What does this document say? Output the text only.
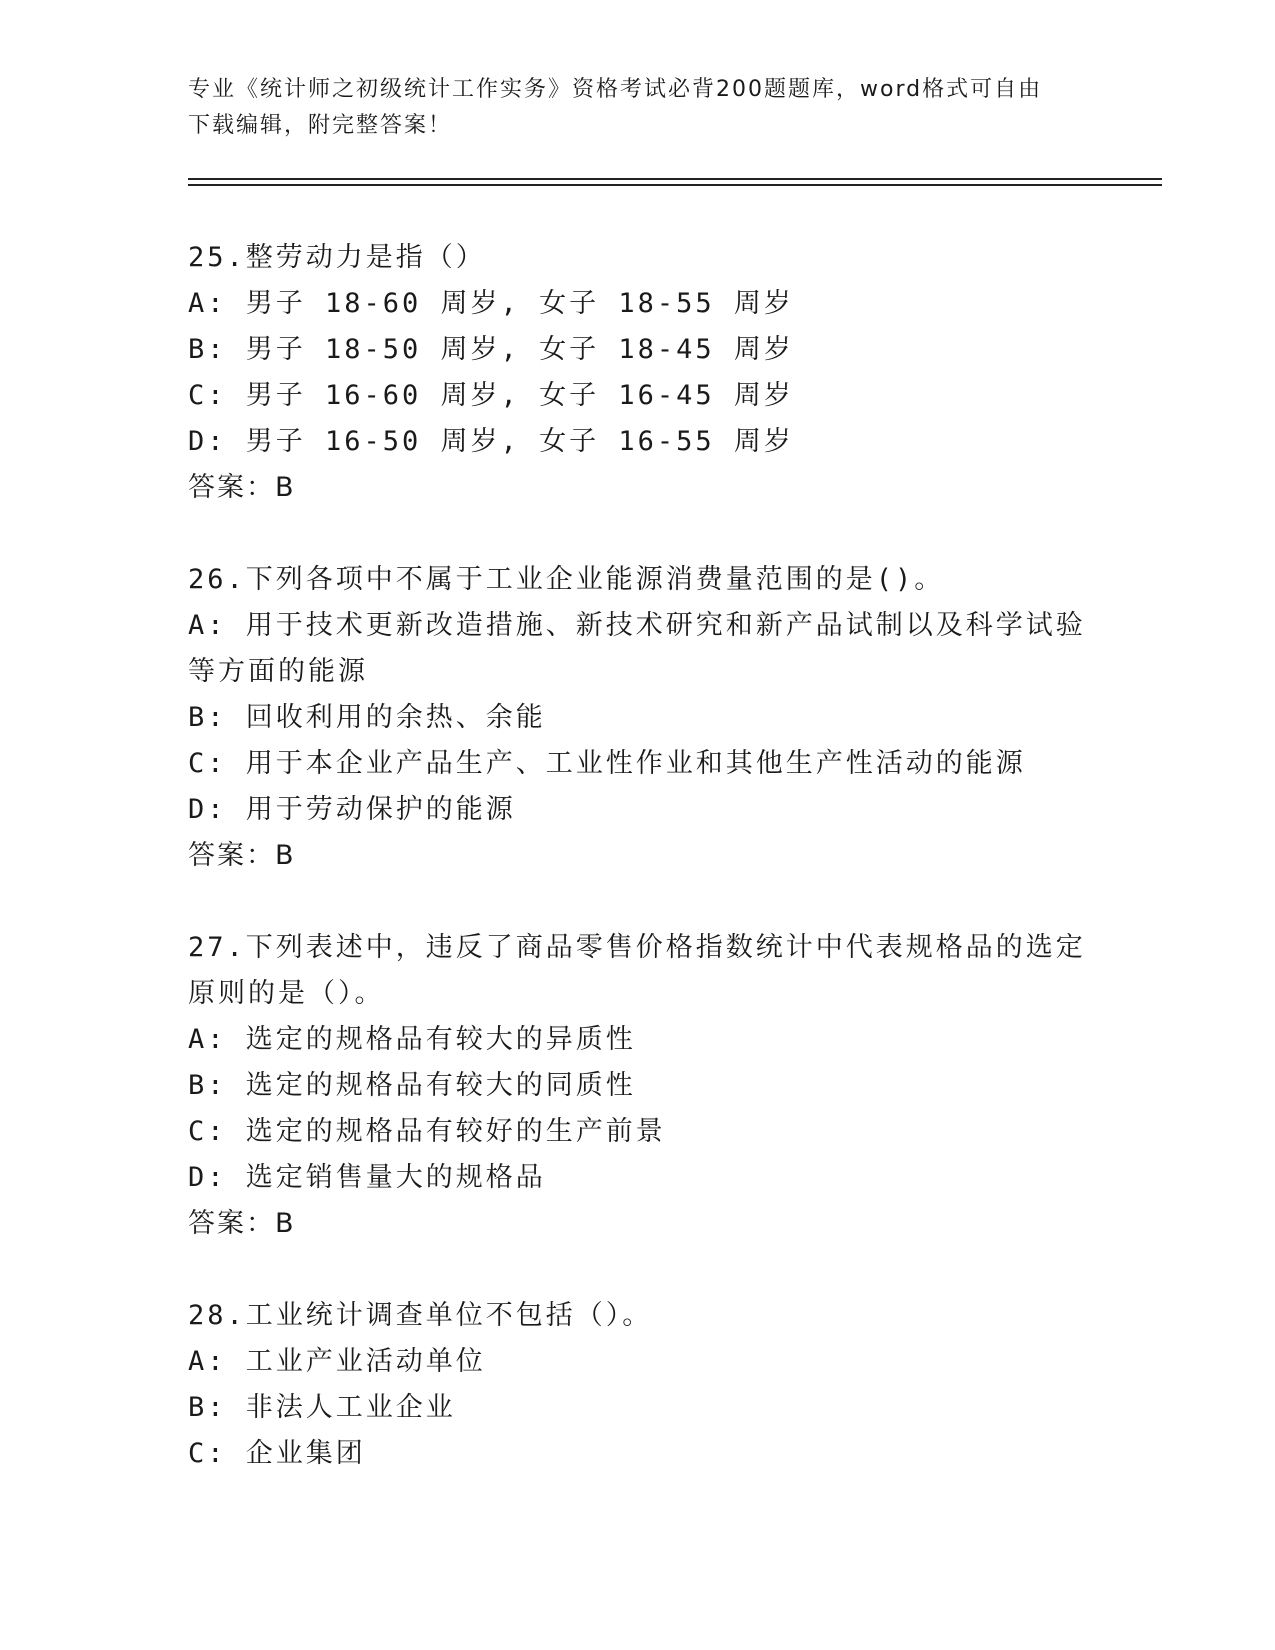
专业《统计师之初级统计工作实务》资格考试必背200题题库，word格式可自由
下载编辑，附完整答案！
25.整劳动力是指（）
A: 男子 18-60 周岁, 女子 18-55 周岁
B: 男子 18-50 周岁, 女子 18-45 周岁
C: 男子 16-60 周岁, 女子 16-45 周岁
D: 男子 16-50 周岁, 女子 16-55 周岁
答案：B
26.下列各项中不属于工业企业能源消费量范围的是()。
A: 用于技术更新改造措施、新技术研究和新产品试制以及科学试验等方面的能源
B: 回收利用的余热、余能
C: 用于本企业产品生产、工业性作业和其他生产性活动的能源
D: 用于劳动保护的能源
答案：B
27.下列表述中，违反了商品零售价格指数统计中代表规格品的选定原则的是（）。
A: 选定的规格品有较大的异质性
B: 选定的规格品有较大的同质性
C: 选定的规格品有较好的生产前景
D: 选定销售量大的规格品
答案：B
28.工业统计调查单位不包括（）。
A: 工业产业活动单位
B: 非法人工业企业
C: 企业集团
